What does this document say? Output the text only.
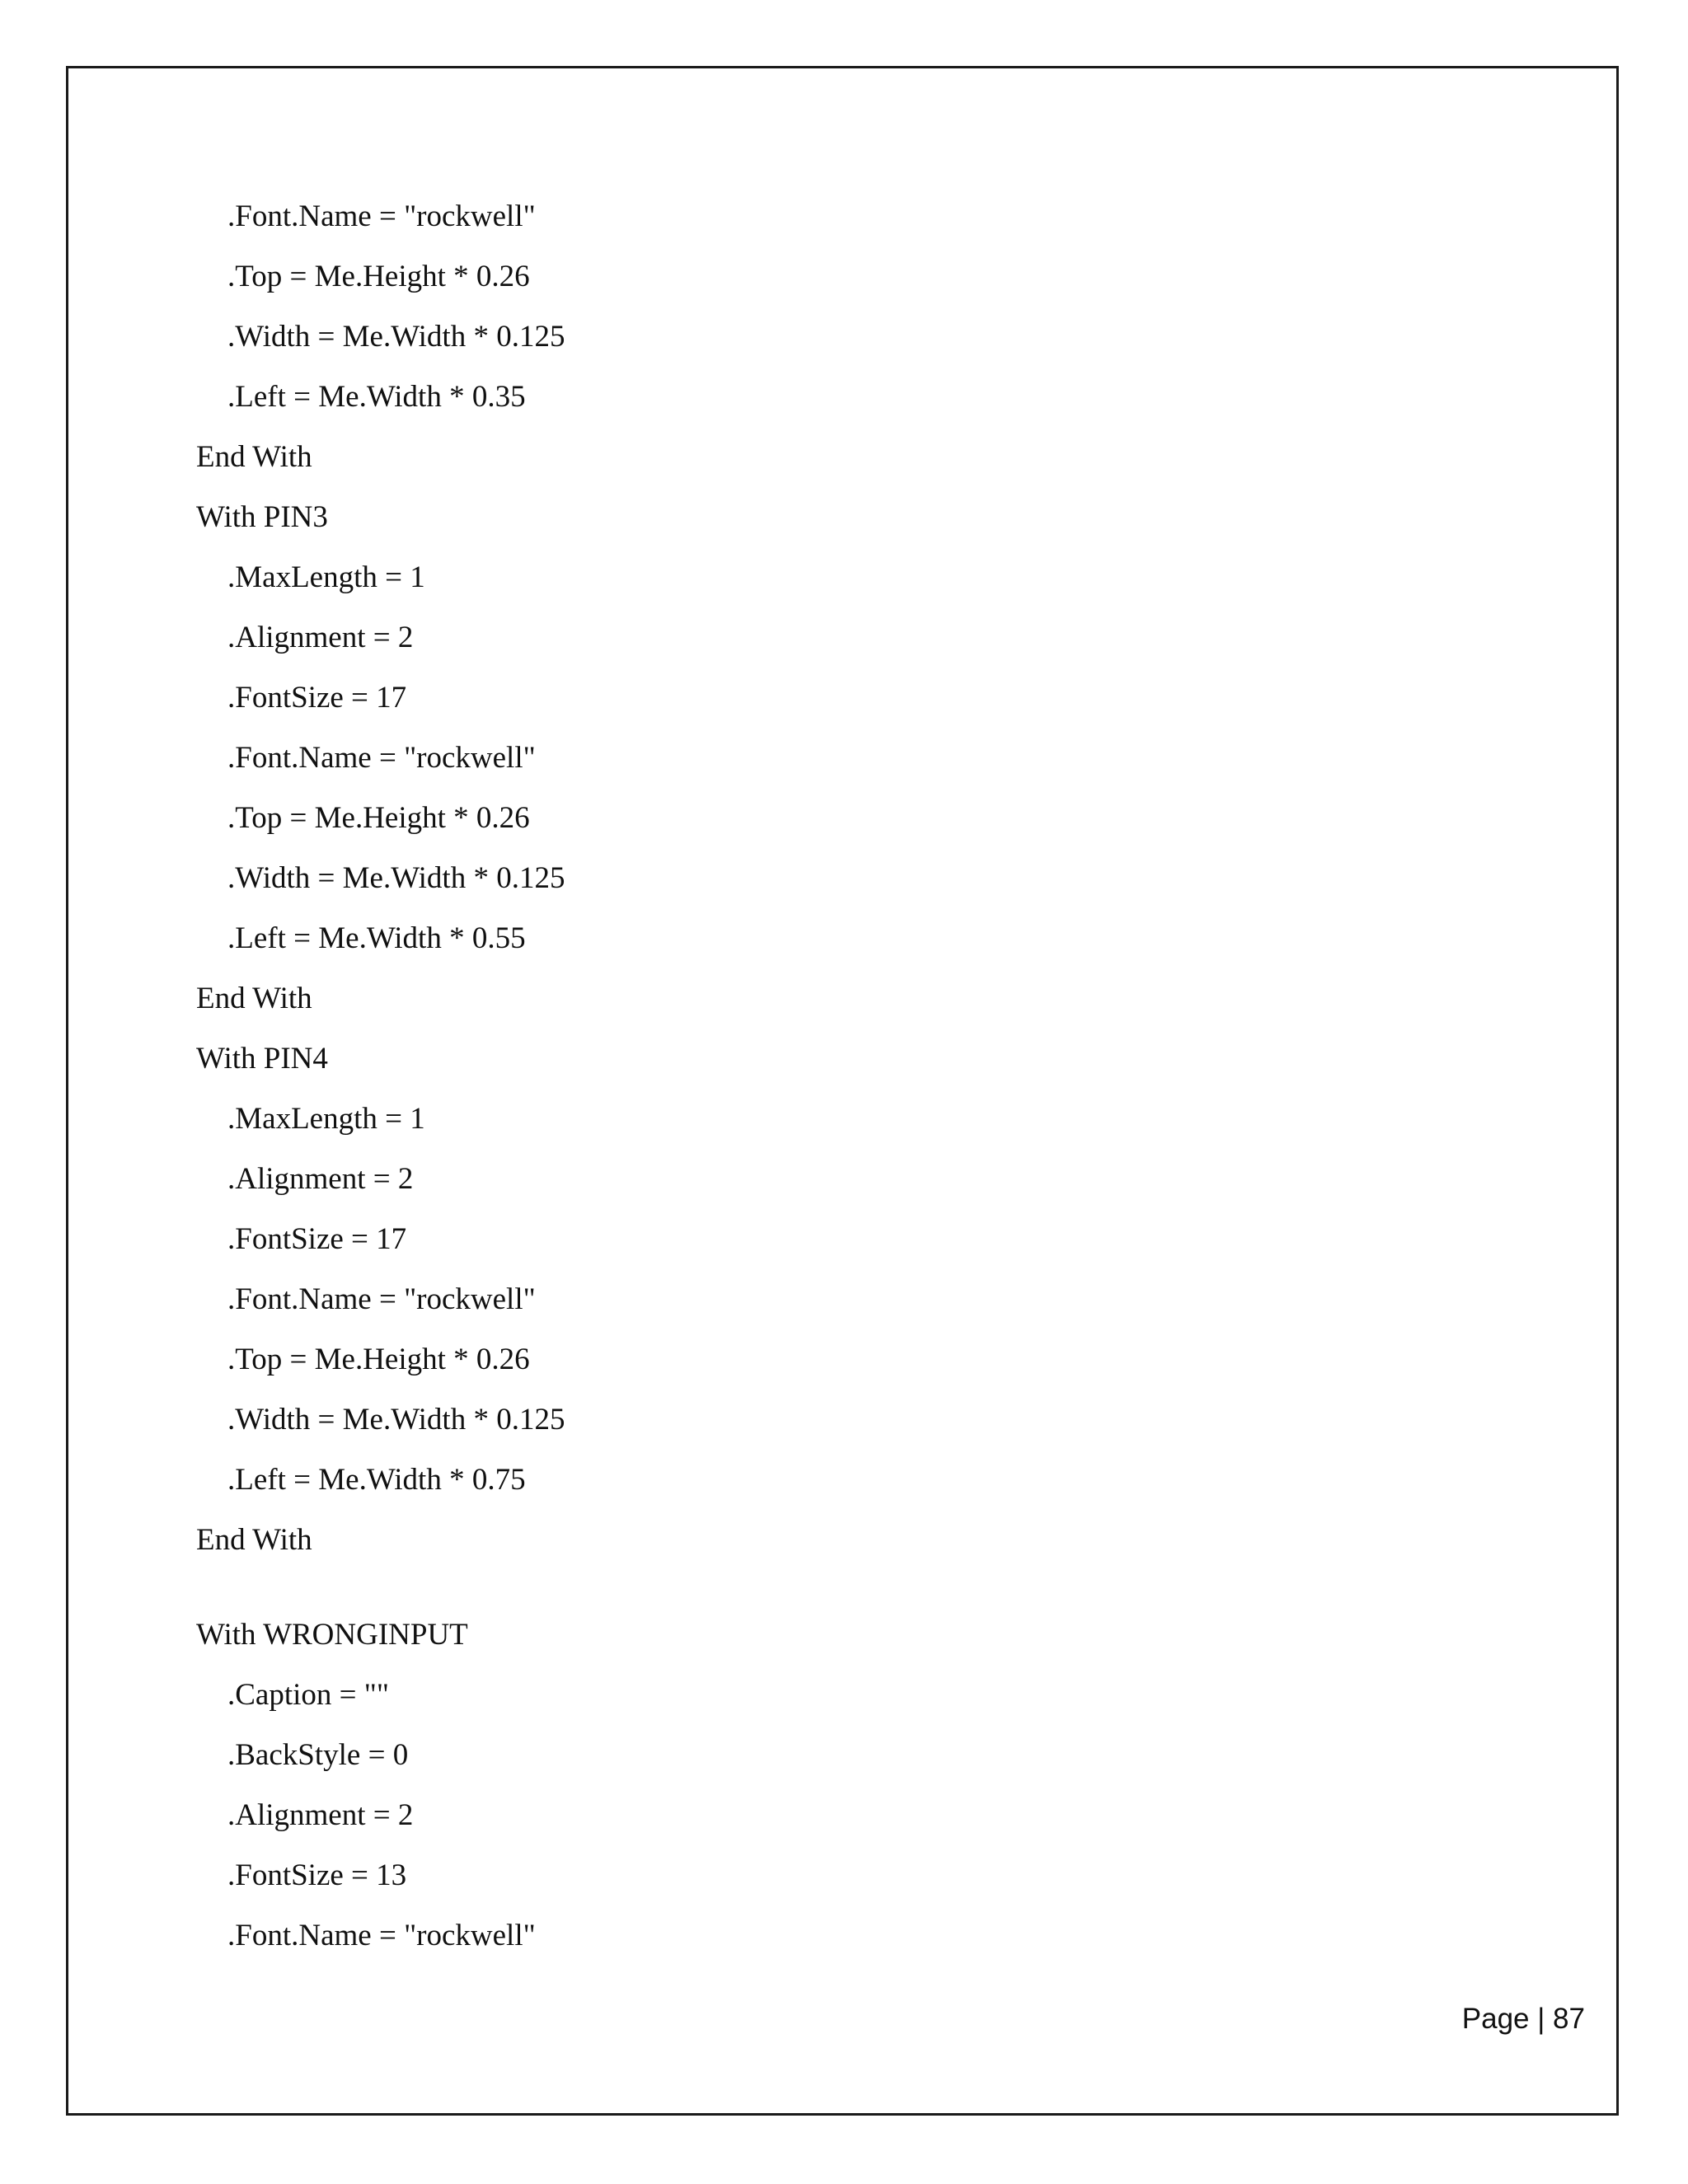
.Font.Name = "rockwell"
.Top = Me.Height * 0.26
.Width = Me.Width * 0.125
.Left = Me.Width * 0.35
End With
With PIN3
.MaxLength = 1
.Alignment = 2
.FontSize = 17
.Font.Name = "rockwell"
.Top = Me.Height * 0.26
.Width = Me.Width * 0.125
.Left = Me.Width * 0.55
End With
With PIN4
.MaxLength = 1
.Alignment = 2
.FontSize = 17
.Font.Name = "rockwell"
.Top = Me.Height * 0.26
.Width = Me.Width * 0.125
.Left = Me.Width * 0.75
End With
With WRONGINPUT
.Caption = ""
.BackStyle = 0
.Alignment = 2
.FontSize = 13
.Font.Name = "rockwell"
Page | 87
